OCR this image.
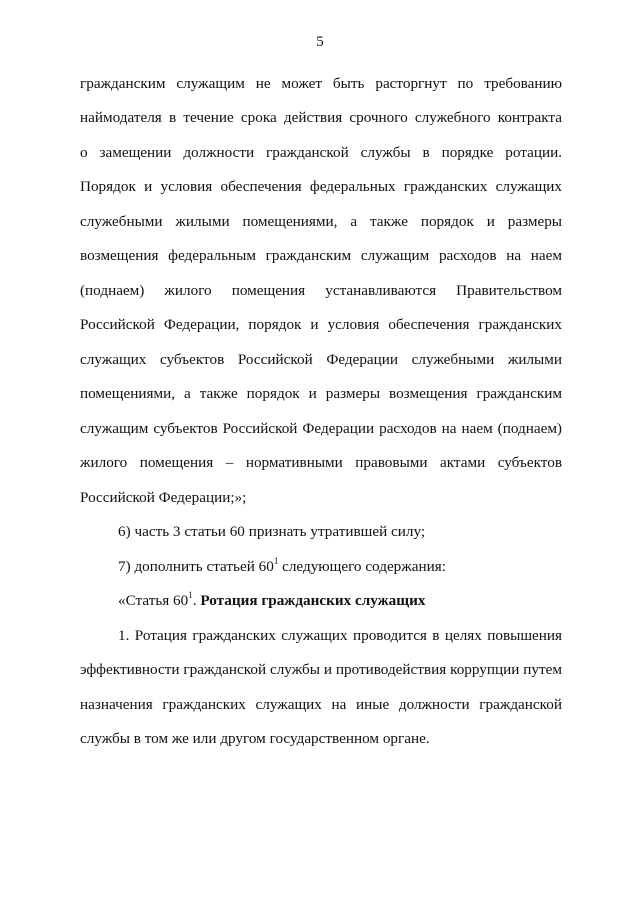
5
гражданским служащим не может быть расторгнут по требованию
наймодателя в течение срока действия срочного служебного контракта
о замещении должности гражданской службы в порядке ротации.
Порядок и условия обеспечения федеральных гражданских служащих
служебными жилыми помещениями, а также порядок и размеры
возмещения федеральным гражданским служащим расходов на наем
(поднаем) жилого помещения устанавливаются Правительством
Российской Федерации, порядок и условия обеспечения гражданских
служащих субъектов Российской Федерации служебными жилыми
помещениями, а также порядок и размеры возмещения гражданским
служащим субъектов Российской Федерации расходов на наем (поднаем)
жилого помещения – нормативными правовыми актами субъектов
Российской Федерации;»;
6) часть 3 статьи 60 признать утратившей силу;
7) дополнить статьей $60^1$ следующего содержания:
«Статья $60^1$. Ротация гражданских служащих
1. Ротация гражданских служащих проводится в целях повышения
эффективности гражданской службы и противодействия коррупции путем
назначения гражданских служащих на иные должности гражданской
службы в том же или другом государственном органе.
